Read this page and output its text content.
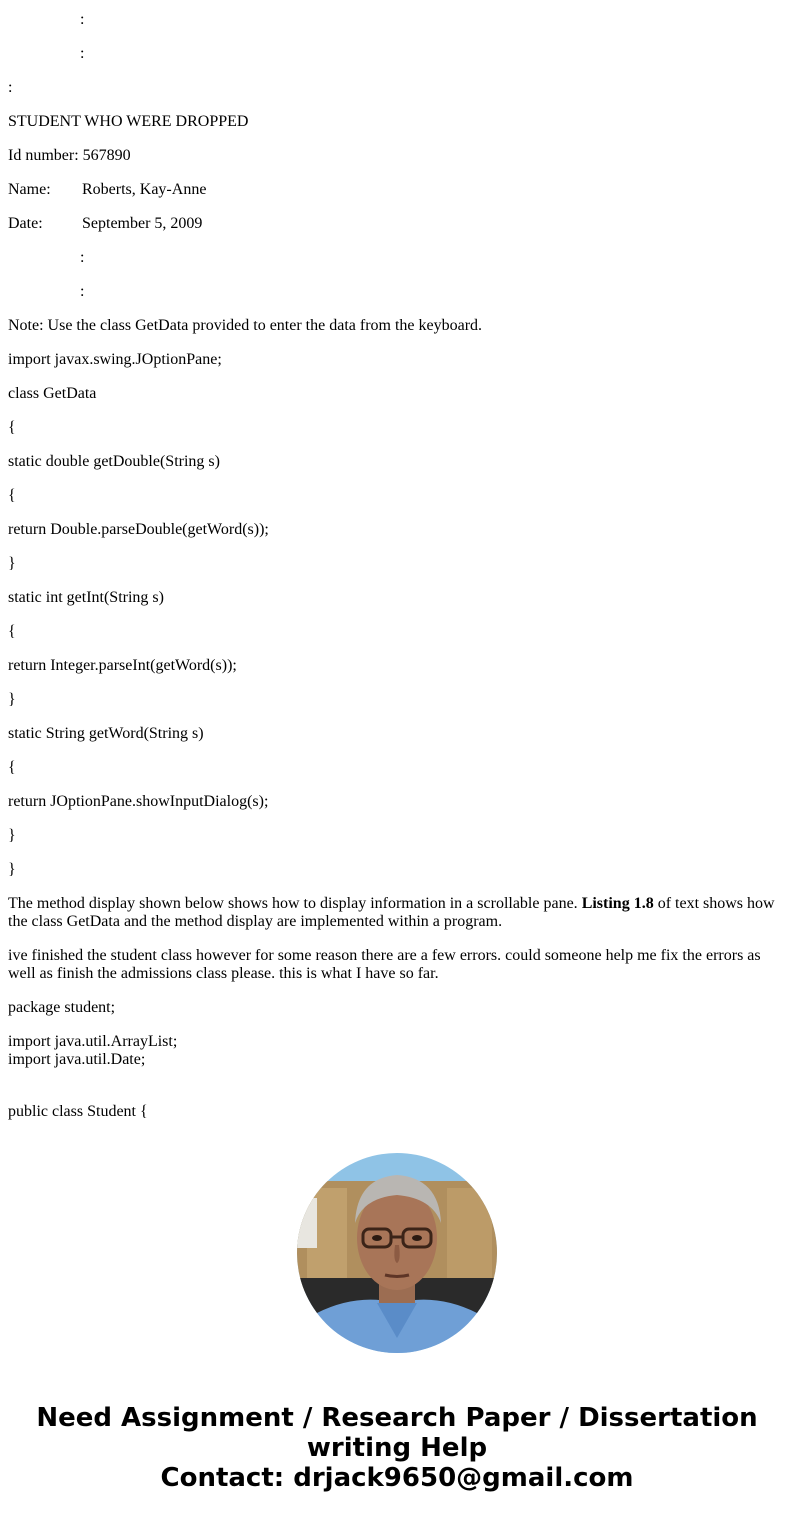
:

:

:

STUDENT WHO WERE DROPPED

Id number: 567890

Name: Roberts, Kay-Anne

Date: September 5, 2009

:

:

Note: Use the class GetData provided to enter the data from the keyboard.

import javax.swing.JOptionPane;

class GetData

{

static double getDouble(String s)

{

return Double.parseDouble(getWord(s));

}

static int getInt(String s)

{

return Integer.parseInt(getWord(s));

}

static String getWord(String s)

{

return JOptionPane.showInputDialog(s);

}

}

The method display shown below shows how to display information in a scrollable pane. Listing 1.8 of text shows how the class GetData and the method display are implemented within a program.

ive finished the student class however for some reason there are a few errors. could someone help me fix the errors as well as finish the admissions class please. this is what I have so far.

package student;

import java.util.ArrayList;

import java.util.Date;

public class Student {

Need Assignment / Research Paper / Dissertation
writing Help
Contact: drjack9650@gmail.com
